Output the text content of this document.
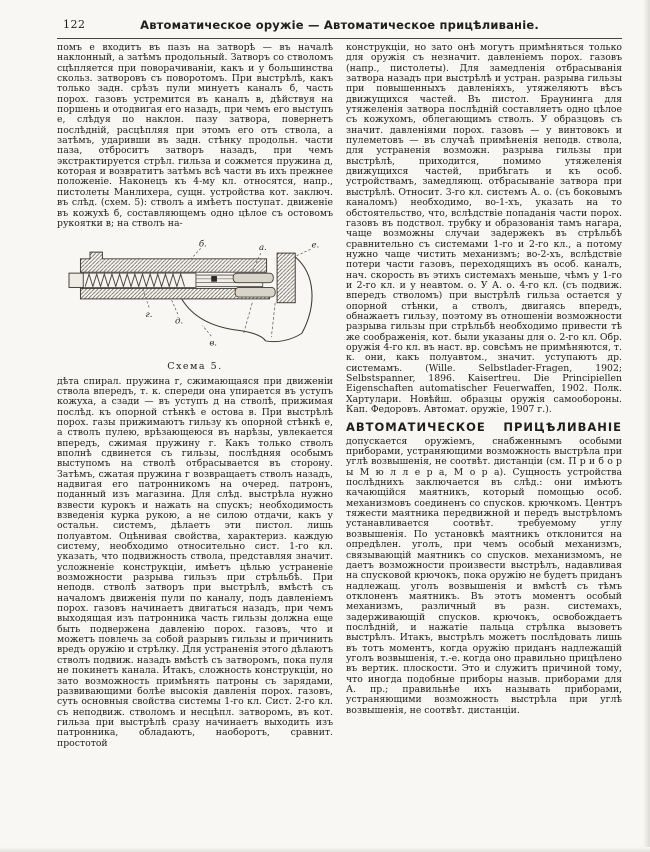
122	Автоматическое оружіе — Автоматическое прицѣливаніе.

помъ е входитъ въ пазъ на затворѣ — въ началѣ наклонный, а затѣмъ продольный. Затворъ со стволомъ сцѣпляется при поворачиваніи, какъ и у большинства скольз. затворовъ съ поворотомъ. При выстрѣлѣ, какъ только задн. срѣзъ пули минуетъ каналъ б, часть порох. газовъ устремится въ каналъ в, дѣйствуя на поршень и отодвигая его назадъ, при чемъ его выступъ е, слѣдуя по наклон. пазу затвора, повернетъ послѣдній, расцѣпляя при этомъ его отъ ствола, а затѣмъ, ударивши въ задн. стѣнку продольн. части паза, отброситъ затворъ назадъ, при чемъ экстрактируется стрѣл. гильза и сожмется пружина д, которая и возвратитъ затѣмъ всѣ части въ ихъ прежнее положеніе. Наконецъ къ 4-му кл. относятся, напр., пистолеты Манлихера, сущн. устройства кот. заключ. въ слѣд. (схем. 5): стволъ а имѣетъ поступат. движеніе въ кожухѣ б, составляющемъ одно цѣлое съ остовомъ рукоятки в; на стволъ на-

б.	а.	е.
г.
д.
в.
Схема 5.

дѣта спирал. пружина г, сжимающаяся при движеніи ствола впередъ, т. к. спереди она упирается въ уступъ кожуха, а сзади — въ уступъ д на стволѣ, прижимая послѣд. къ опорной стѣнкѣ е остова в. При выстрѣлѣ порох. газы прижимаютъ гильзу къ опорной стѣнкѣ е, а стволъ пулею, врѣзающеюся въ нарѣзы, увлекается впередъ, сжимая пружину г. Какъ только стволъ вполнѣ сдвинется съ гильзы, послѣдняя особымъ выступомъ на стволѣ отбрасывается въ сторону. Затѣмъ, сжатая пружина г возвращаетъ стволъ назадъ, надвигая его патронникомъ на очеред. патронъ, поданный изъ магазина. Для слѣд. выстрѣла нужно взвести курокъ и нажать на спускъ; необходимость взведенія курка рукою, а не силою отдачи, какъ у остальн. системъ, дѣлаетъ эти пистол. лишь полуавтом. Оцѣнивая свойства, характериз. каждую систему, необходимо относительно сист. 1-го кл. указать, что подвижность ствола, представляя значит. усложненіе конструкціи, имѣетъ цѣлью устраненіе возможности разрыва гильзъ при стрѣльбѣ. При неподв. стволѣ затворъ при выстрѣлѣ, вмѣстѣ съ началомъ движенія пули по каналу, подъ давленіемъ порох. газовъ начинаетъ двигаться назадъ, при чемъ выходящая изъ патронника часть гильзы должна еще быть подвержена давленію порох. газовъ, что и можетъ повлечь за собой разрывъ гильзы и причинить вредъ оружію и стрѣлку. Для устраненія этого дѣлаютъ стволъ подвиж. назадъ вмѣстѣ съ затворомъ, пока пуля не покинетъ канала. Итакъ, сложность конструкціи, но зато возможность примѣнять патроны съ зарядами, развивающими болѣе высокія давленія порох. газовъ, суть основныя свойства системы 1-го кл. Сист. 2-го кл. съ неподвиж. стволомъ и несцѣпл. затворомъ, въ кот. гильза при выстрѣлѣ сразу начинаетъ выходить изъ патронника, обладаютъ, наоборотъ, сравнит. простотой

конструкціи, но зато онѣ могутъ примѣняться только для оружія съ незначит. давленіемъ порох. газовъ (напр., пистолеты). Для замедленія отбрасыванія затвора назадъ при выстрѣлѣ и устран. разрыва гильзы при повышенныхъ давленіяхъ, утяжеляютъ вѣсъ движущихся частей. Въ пистол. Браунинга для утяжеленія затвора послѣдній составляетъ одно цѣлое съ кожухомъ, облегающимъ стволъ. У образцовъ съ значит. давленіями порох. газовъ — у винтовокъ и пулеметовъ — въ случаѣ примѣненія неподв. ствола, для устраненія возможн. разрыва гильзы при выстрѣлѣ, приходится, помимо утяжеленія движущихся частей, прибѣгать и къ особ. устройствамъ, замедляющ. отбрасываніе затвора при выстрѣлѣ. Относит. 3-го кл. системъ А. о. (съ боковымъ каналомъ) необходимо, во-1-хъ, указать на то обстоятельство, что, вслѣдствіе попаданія части порох. газовъ въ подствол. трубку и образованія тамъ нагара, чаще возможны случаи задержекъ въ стрѣльбѣ сравнительно съ системами 1-го и 2-го кл., а потому нужно чаще чистить механизмъ; во-2-хъ, вслѣдствіе потери части газовъ, переходящихъ въ особ. каналъ, нач. скорость въ этихъ системахъ меньше, чѣмъ у 1-го и 2-го кл. и у неавтом. о. У А. о. 4-го кл. (съ подвиж. впередъ стволомъ) при выстрѣлѣ гильза остается у опорной стѣнки, а стволъ, двигаясь впередъ, обнажаетъ гильзу, поэтому въ отношеніи возможности разрыва гильзы при стрѣльбѣ необходимо привести тѣ же соображенія, кот. были указаны для о. 2-го кл. Обр. оружія 4-го кл. въ наст. вр. совсѣмъ не примѣняются, т. к. они, какъ полуавтом., значит. уступаютъ др. системамъ. (Wille. Selbstlader-Fragen, 1902; Selbstspanner, 1896. Kaisertreu. Die Principiellen Eigenschaften automatischer Feuerwaffen, 1902. Полк. Хартулари. Новѣйш. образцы оружія самообороны. Кап. Федоровъ. Автомат. оружіе, 1907 г.).

АВТОМАТИЧЕСКОЕ ПРИЦѢЛИВАНІЕ

допускается оружіемъ, снабженнымъ особыми приборами, устраняющими возможность выстрѣла при углѣ возвышенія, не соотвѣт. дистанціи (см. П р и б о р ы М ю л л е р а, М о р а). Сущность устройства послѣднихъ заключается въ слѣд.: они имѣютъ качающійся маятникъ, который помощью особ. механизмовъ соединенъ со спусков. крючкомъ. Центръ тяжести маятника передвижной и передъ выстрѣломъ устанавливается соотвѣт. требуемому углу возвышенія. По установкѣ маятникъ отклонится на опредѣлен. уголъ, при чемъ особый механизмъ, связывающій маятникъ со спусков. механизмомъ, не даетъ возможности произвести выстрѣлъ, надавливая на спусковой крючокъ, пока оружію не будетъ приданъ надлежащ. уголъ возвышенія и вмѣстѣ съ тѣмъ отклоненъ маятникъ. Въ этотъ моментъ особый механизмъ, различный въ разн. системахъ, задерживающій спусков. крючокъ, освобождаетъ послѣдній, и нажатіе пальца стрѣлка вызоветъ выстрѣлъ. Итакъ, выстрѣлъ можетъ послѣдовать лишь въ тотъ моментъ, когда оружію приданъ надлежащій уголъ возвышенія, т.-е. когда оно правильно прицѣлено въ вертик. плоскости. Это и служитъ причиной тому, что иногда подобные приборы назыв. приборами для А. пр.; правильнѣе ихъ называть приборами, устраняющими возможность выстрѣла при углѣ возвышенія, не соотвѣт. дистанціи.
